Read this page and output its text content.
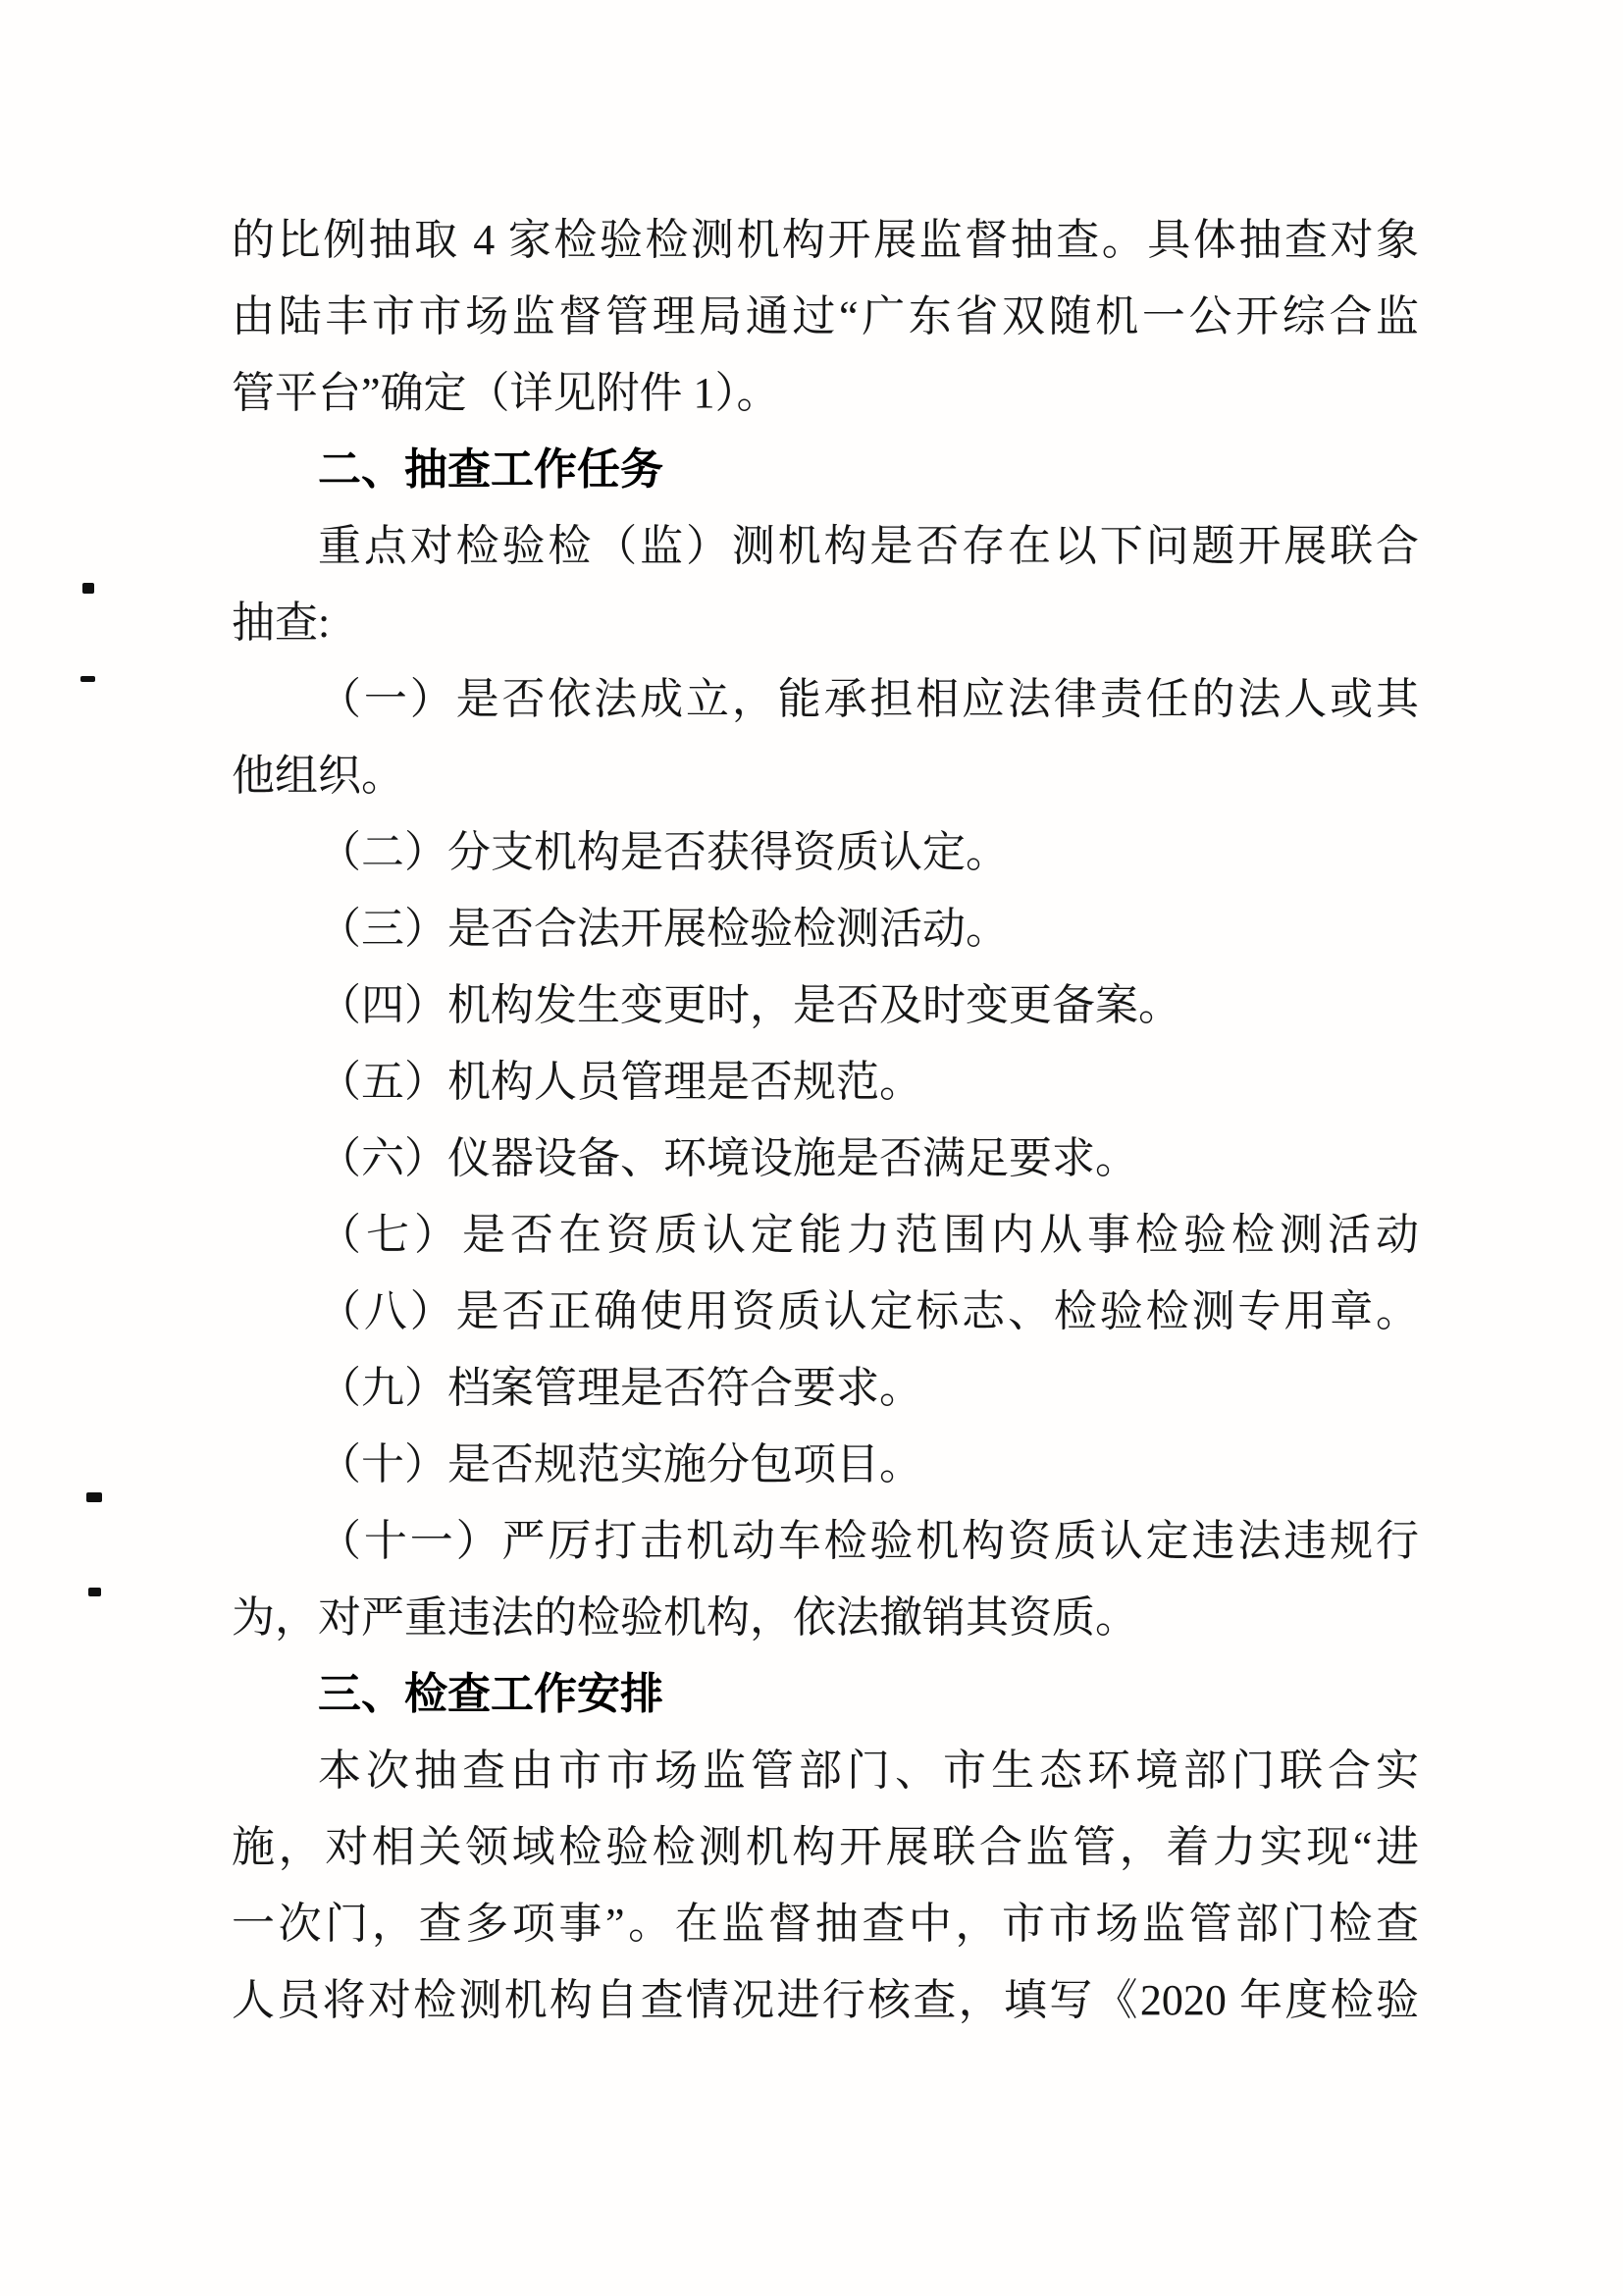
的比例抽取 4 家检验检测机构开展监督抽查。具体抽查对象
由陆丰市市场监督管理局通过“广东省双随机一公开综合监
管平台”确定（详见附件 1）。
二、抽查工作任务
重点对检验检（监）测机构是否存在以下问题开展联合
抽查:
（一）是否依法成立，能承担相应法律责任的法人或其
他组织。
（二）分支机构是否获得资质认定。
（三）是否合法开展检验检测活动。
（四）机构发生变更时，是否及时变更备案。
（五）机构人员管理是否规范。
（六）仪器设备、环境设施是否满足要求。
（七）是否在资质认定能力范围内从事检验检测活动
（八）是否正确使用资质认定标志、检验检测专用章。
（九）档案管理是否符合要求。
（十）是否规范实施分包项目。
（十一）严厉打击机动车检验机构资质认定违法违规行
为，对严重违法的检验机构，依法撤销其资质。
三、检查工作安排
本次抽查由市市场监管部门、市生态环境部门联合实
施，对相关领域检验检测机构开展联合监管，着力实现“进
一次门，查多项事”。在监督抽查中，市市场监管部门检查
人员将对检测机构自查情况进行核查，填写《2020 年度检验
